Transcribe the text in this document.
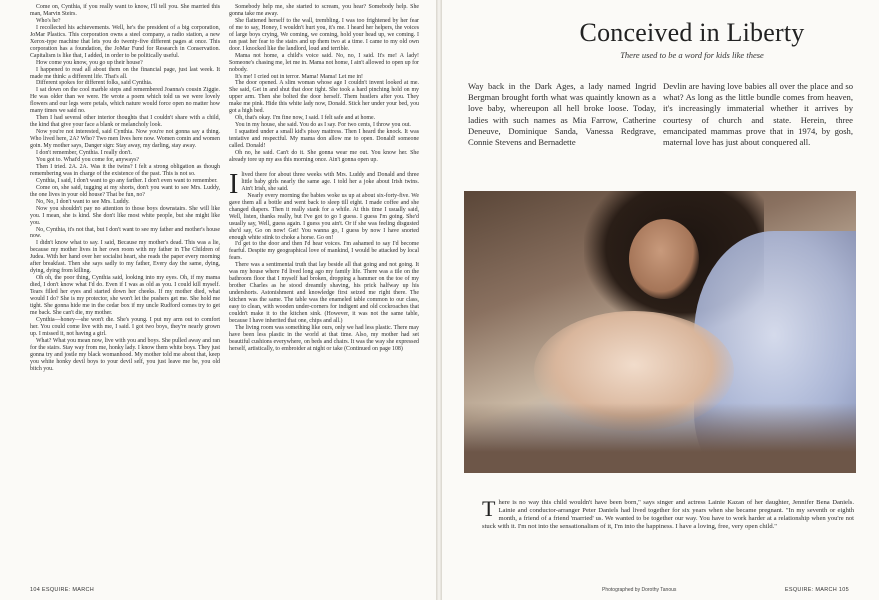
Come on, Cynthia, if you really want to know, I'll tell you. She married this man, Marvin Steirs.

Who's he?

I recollected his achievements. Well, he's the president of a big corporation, JoMar Plastics. This corporation owns a steel company, a radio station, a new Xerox-type machine that lets you do twenty-five different pages at once. This corporation has a foundation, the JoMar Fund for Research in Conservation. Capitalism is like that, I added, in order to be politically useful.

How come you know, you go up their house?

I happened to read all about them on the financial page, just last week. It made me think: a different life. That's all.

Different spokes for different folks, said Cynthia.

I sat down on the cool marble steps and remembered Joanna's cousin Ziggie. He was older than we were. He wrote a poem which told us we were lovely flowers and our legs were petals, which nature would force open no matter how many times we said no.

Then I had several other interior thoughts that I couldn't share with a child, the kind that give your face a blank or melancholy look.

Now you're not interested, said Cynthia. Now you're not gonna say a thing. Who lived here, 2A? Who? Two men lives here now. Women comin and women goin. My mother says, Danger sign: Stay away, my darling, stay away.

I don't remember, Cynthia. I really don't.

You got to. What'd you come for, anyways?

Then I tried. 2A. 2A. Was it the twins? I felt a strong obligation as though remembering was in charge of the existence of the past. This is not so.

Cynthia, I said, I don't want to go any farther. I don't even want to remember.

Come on, she said, tugging at my shorts, don't you want to see Mrs. Luddy, the one lives in your old house? That be fun, no?

No, No, I don't want to see Mrs. Luddy.

Now you shouldn't pay no attention to those boys downstairs. She will like you. I mean, she is kind. She don't like most white people, but she might like you.

No, Cynthia, it's not that, but I don't want to see my father and mother's house now.

I didn't know what to say. I said, Because my mother's dead. This was a lie, because my mother lives in her own room with my father in The Children of Judea. With her hand over her socialist heart, she reads the paper every morning after breakfast. Then she says sadly to my father, Every day the same, dying, dying, dying from killing.

Oh oh, the poor thing, Cynthia said, looking into my eyes. Oh, if my mama died, I don't know what I'd do. Even if I was as old as you. I could kill myself. Tears filled her eyes and started down her cheeks. If my mother died, what would I do? She is my protector, she won't let the pushers get me. She hold me tight. She gonna hide me in the cedar box if my uncle Rudford comes try to get me back. She can't die, my mother.

Cynthia—honey—she won't die. She's young. I put my arm out to comfort her. You could come live with me, I said. I got two boys, they're nearly grown up. I missed it, not having a girl.

What? What you mean now, live with you and boys. She pulled away and ran for the stairs. Stay way from me, honky lady. I know them white boys. They just gonna try and jostle my black womanhood. My mother told me about that, keep you white honky devil boys to your devil self, you just leave me be, you old bitch you.

Somebody help me, she started to scream, you hear? Somebody help. She gonna take me away.

She flattened herself to the wall, trembling. I was too frightened by her fear of me to say, Honey, I wouldn't hurt you, it's me. I heard her helpers, the voices of large boys crying, We coming, we coming, hold your head up, we coming. I ran past her fear to the stairs and up them two at a time. I came to my old own door. I knocked like the landlord, loud and terrible.

Mama not home, a child's voice said. No, no, I said. It's me! A lady! Someone's chasing me, let me in. Mama not home, I ain't allowed to open up for nobody.

It's me! I cried out in terror. Mama! Mama! Let me in!

The door opened. A slim woman whose age I couldn't invent looked at me. She said, Get in and shut that door tight. She took a hard pinching hold on my upper arm. Then she bolted the door herself. Them hustlers after you. They make me pink. Hide this white lady now, Donald. Stick her under your bed, you got a high bed.

Oh, that's okay. I'm fine now, I said. I felt safe and at home.

You in my house, she said. You do as I say. For two cents, I throw you out.

I squatted under a small kid's pissy mattress. Then I heard the knock. It was tentative and respectful. My mama don allow me to open. Donald! someone called. Donald!

Oh no, he said. Can't do it. She gonna wear me out. You know her. She already tore up my ass this morning once. Ain't gonna open up.

Ilived there for about three weeks with Mrs. Luddy and Donald and three little baby girls nearly the same age. I told her a joke about Irish twins. Ain't Irish, she said.

Nearly every morning the babies woke us up at about six-forty-five. We gave them all a bottle and went back to sleep till eight. I made coffee and she changed diapers. Then it really stank for a while. At this time I usually said, Well, listen, thanks really, but I've got to go I guess. I guess I'm going. She'd usually say, Well, guess again. I guess you ain't. Or if she was feeling disgusted she'd say, Go on now! Get! You wanna go, I guess by now I have snorted enough white stink to choke a horse. Go on!

I'd get to the door and then I'd hear voices. I'm ashamed to say I'd become fearful. Despite my geographical love of mankind, I would be attacked by local fears.

There was a sentimental truth that lay beside all that going and not going. It was my house where I'd lived long ago my family life. There was a tile on the bathroom floor that I myself had broken, dropping a hammer on the toe of my brother Charles as he stood dreamily shaving, his prick halfway up his undershorts. Astonishment and knowledge first seized me right there. The kitchen was the same. The table was the enameled table common to our class, easy to clean, with wooden under-corners for indigent and old cockroaches that couldn't make it to the kitchen sink. (However, it was not the same table, because I have inherited that one, chips and all.)

The living room was something like ours, only we had less plastic. There may have been less plastic in the world at that time. Also, my mother had set beautiful cushions everywhere, on beds and chairs. It was the way she expressed herself, artistically, to embroider at night or take (Continued on page 108)

104 ESQUIRE: MARCH
Conceived in Liberty
There used to be a word for kids like these
Way back in the Dark Ages, a lady named Ingrid Bergman brought forth what was quaintly known as a love baby, whereupon all hell broke loose. Today, ladies with such names as Mia Farrow, Catherine Deneuve, Dominique Sanda, Vanessa Redgrave, Connie Stevens and Bernadette
Devlin are having love babies all over the place and so what? As long as the little bundle comes from heaven, it's increasingly immaterial whether it arrives by courtesy of church and state. Herein, three emancipated mammas prove that in 1974, by gosh, maternal love has just about conquered all.
There is no way this child wouldn't have been born," says singer and actress Lainie Kazan of her daughter, Jennifer Bena Daniels. Lainie and conductor-arranger Peter Daniels had lived together for six years when she became pregnant. "In my seventh or eighth month, a friend of a friend 'married' us. We wanted to be together our way. You have to work harder at a relationship when you're not stuck with it. I'm not into the sensationalism of it, I'm into the happiness. I have a loving, free, very open child."
Photographed by Dorothy Tanous	ESQUIRE: MARCH 105
